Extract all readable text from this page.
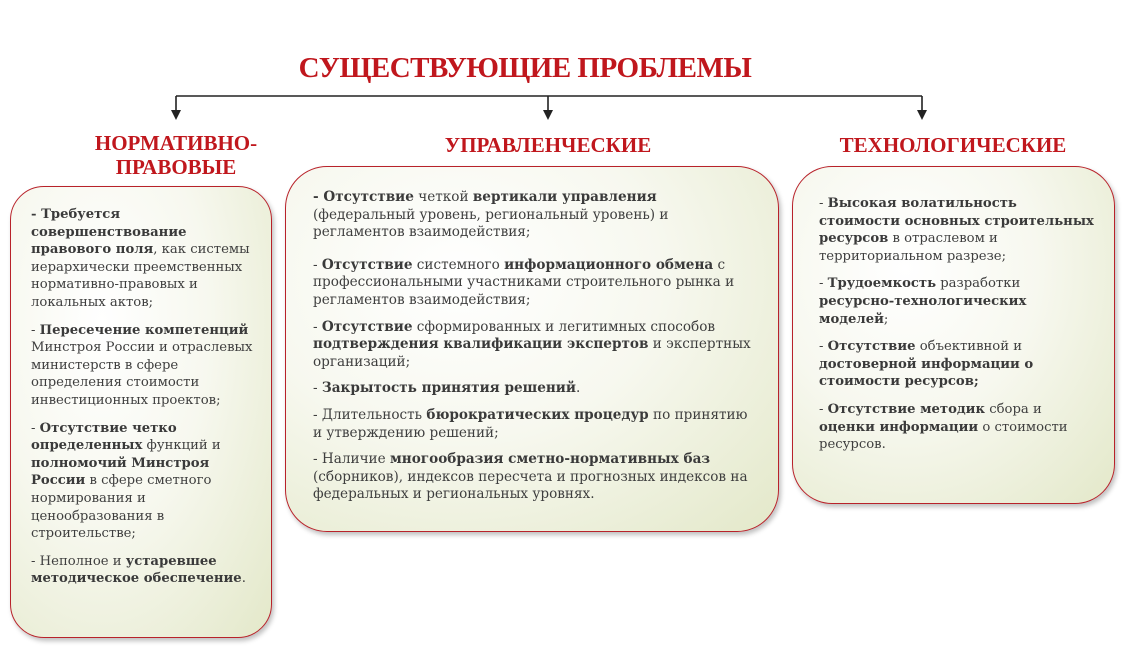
СУЩЕСТВУЮЩИЕ ПРОБЛЕМЫ
НОРМАТИВНО-
ПРАВОВЫЕ
УПРАВЛЕНЧЕСКИЕ	ТЕХНОЛОГИЧЕСКИЕ
- Требуется совершенствование правового поля, как системы иерархически преемственных нормативно-правовых и локальных актов;
- Пересечение компетенций Минстроя России и отраслевых министерств в сфере определения стоимости инвестиционных проектов;
- Отсутствие четко определенных функций и полномочий Минстроя России в сфере сметного нормирования и ценообразования в строительстве;
- Неполное и устаревшее методическое обеспечение.
- Отсутствие четкой вертикали управления (федеральный уровень, региональный уровень) и регламентов взаимодействия;
- Отсутствие системного информационного обмена с профессиональными участниками строительного рынка и регламентов взаимодействия;
- Отсутствие сформированных и легитимных способов подтверждения квалификации экспертов и экспертных организаций;
- Закрытость принятия решений.
- Длительность бюрократических процедур по принятию и утверждению решений;
- Наличие многообразия сметно-нормативных баз (сборников), индексов пересчета и прогнозных индексов на федеральных и региональных уровнях.
- Высокая волатильность стоимости основных строительных ресурсов в отраслевом и территориальном разрезе;
- Трудоемкость разработки ресурсно-технологических моделей;
- Отсутствие объективной и достоверной информации о стоимости ресурсов;
- Отсутствие методик сбора и оценки информации о стоимости ресурсов.
